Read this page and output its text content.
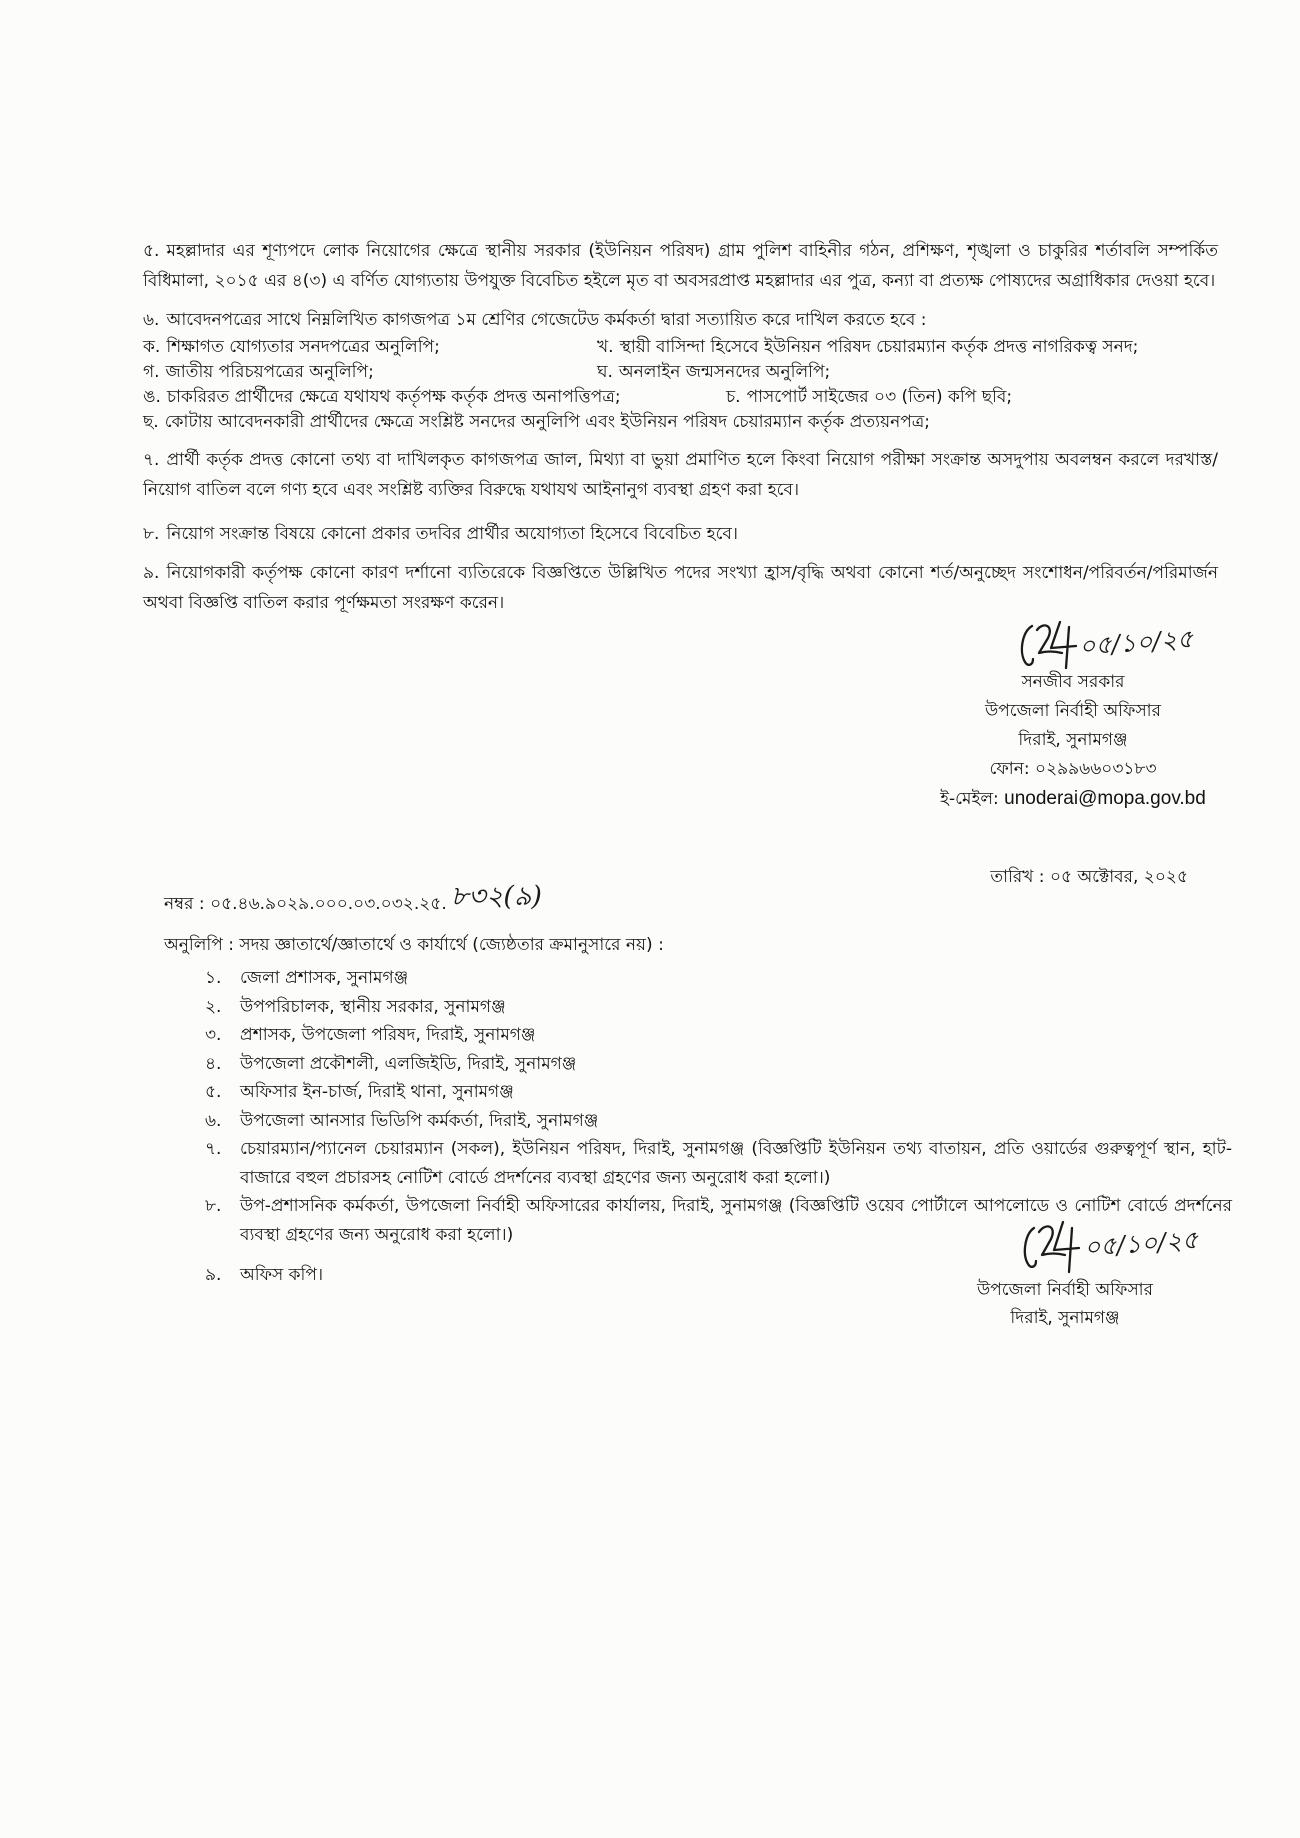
৫. মহল্লাদার এর শূণ্যপদে লোক নিয়োগের ক্ষেত্রে স্থানীয় সরকার (ইউনিয়ন পরিষদ) গ্রাম পুলিশ বাহিনীর গঠন, প্রশিক্ষণ, শৃঙ্খলা ও চাকুরির শর্তাবলি সম্পর্কিত বিধিমালা, ২০১৫ এর ৪(৩) এ বর্ণিত যোগ্যতায় উপযুক্ত বিবেচিত হইলে মৃত বা অবসরপ্রাপ্ত মহল্লাদার এর পুত্র, কন্যা বা প্রত্যক্ষ পোষ্যদের অগ্রাধিকার দেওয়া হবে।

৬. আবেদনপত্রের সাথে নিম্নলিখিত কাগজপত্র ১ম শ্রেণির গেজেটেড কর্মকর্তা দ্বারা সত্যায়িত করে দাখিল করতে হবে :

ক. শিক্ষাগত যোগ্যতার সনদপত্রের অনুলিপি;	খ. স্থায়ী বাসিন্দা হিসেবে ইউনিয়ন পরিষদ চেয়ারম্যান কর্তৃক প্রদত্ত নাগরিকত্ব সনদ;
গ. জাতীয় পরিচয়পত্রের অনুলিপি;	ঘ. অনলাইন জন্মসনদের অনুলিপি;
ঙ. চাকরিরত প্রার্থীদের ক্ষেত্রে যথাযথ কর্তৃপক্ষ কর্তৃক প্রদত্ত অনাপত্তিপত্র;	চ. পাসপোর্ট সাইজের ০৩ (তিন) কপি ছবি;
ছ. কোটায় আবেদনকারী প্রার্থীদের ক্ষেত্রে সংশ্লিষ্ট সনদের অনুলিপি এবং ইউনিয়ন পরিষদ চেয়ারম্যান কর্তৃক প্রত্যয়নপত্র;

৭. প্রার্থী কর্তৃক প্রদত্ত কোনো তথ্য বা দাখিলকৃত কাগজপত্র জাল, মিথ্যা বা ভুয়া প্রমাণিত হলে কিংবা নিয়োগ পরীক্ষা সংক্রান্ত অসদুপায় অবলম্বন করলে দরখাস্ত/নিয়োগ বাতিল বলে গণ্য হবে এবং সংশ্লিষ্ট ব্যক্তির বিরুদ্ধে যথাযথ আইনানুগ ব্যবস্থা গ্রহণ করা হবে।

৮. নিয়োগ সংক্রান্ত বিষয়ে কোনো প্রকার তদবির প্রার্থীর অযোগ্যতা হিসেবে বিবেচিত হবে।

৯. নিয়োগকারী কর্তৃপক্ষ কোনো কারণ দর্শানো ব্যতিরেকে বিজ্ঞপ্তিতে উল্লিখিত পদের সংখ্যা হ্রাস/বৃদ্ধি অথবা কোনো শর্ত/অনুচ্ছেদ সংশোধন/পরিবর্তন/পরিমার্জন অথবা বিজ্ঞপ্তি বাতিল করার পূর্ণক্ষমতা সংরক্ষণ করেন।

০৫/১০/২৫
সনজীব সরকার
উপজেলা নির্বাহী অফিসার
দিরাই, সুনামগঞ্জ
ফোন: ০২৯৯৬৬০৩১৮৩
ই-মেইল: unoderai@mopa.gov.bd
নম্বর : ০৫.৪৬.৯০২৯.০০০.০৩.০৩২.২৫. ৮৩২(৯)
তারিখ : ০৫ অক্টোবর, ২০২৫
অনুলিপি : সদয় জ্ঞাতার্থে/জ্ঞাতার্থে ও কার্যার্থে (জ্যেষ্ঠতার ক্রমানুসারে নয়) :
১.	জেলা প্রশাসক, সুনামগঞ্জ
২.	উপপরিচালক, স্থানীয় সরকার, সুনামগঞ্জ
৩.	প্রশাসক, উপজেলা পরিষদ, দিরাই, সুনামগঞ্জ
৪.	উপজেলা প্রকৌশলী, এলজিইডি, দিরাই, সুনামগঞ্জ
৫.	অফিসার ইন-চার্জ, দিরাই থানা, সুনামগঞ্জ
৬.	উপজেলা আনসার ভিডিপি কর্মকর্তা, দিরাই, সুনামগঞ্জ
৭.	চেয়ারম্যান/প্যানেল চেয়ারম্যান (সকল), ইউনিয়ন পরিষদ, দিরাই, সুনামগঞ্জ (বিজ্ঞপ্তিটি ইউনিয়ন তথ্য বাতায়ন, প্রতি ওয়ার্ডের গুরুত্বপূর্ণ স্থান, হাট-বাজারে বহুল প্রচারসহ নোটিশ বোর্ডে প্রদর্শনের ব্যবস্থা গ্রহণের জন্য অনুরোধ করা হলো।)
৮.	উপ-প্রশাসনিক কর্মকর্তা, উপজেলা নির্বাহী অফিসারের কার্যালয়, দিরাই, সুনামগঞ্জ (বিজ্ঞপ্তিটি ওয়েব পোর্টালে আপলোডে ও নোটিশ বোর্ডে প্রদর্শনের ব্যবস্থা গ্রহণের জন্য অনুরোধ করা হলো।)
৯.	অফিস কপি।
০৫/১০/২৫
উপজেলা নির্বাহী অফিসার
দিরাই, সুনামগঞ্জ
